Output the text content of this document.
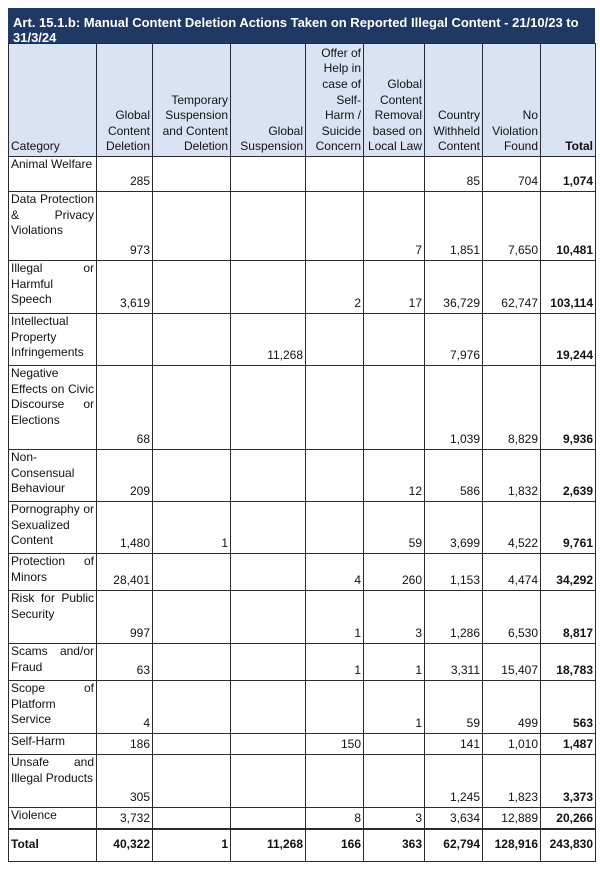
Art. 15.1.b: Manual Content Deletion Actions Taken on Reported Illegal Content - 21/10/23 to 31/3/24
Category	Global Content Deletion	Temporary Suspension and Content Deletion	Global Suspension	Offer of Help in case of Self-Harm / Suicide Concern	Global Content Removal based on Local Law	Country Withheld Content	No Violation Found	Total
Animal Welfare	285					85	704	1,074
Data Protection & Privacy Violations	973				7	1,851	7,650	10,481
Illegal or Harmful Speech	3,619			2	17	36,729	62,747	103,114
Intellectual Property Infringements			11,268			7,976		19,244
Negative Effects on Civic Discourse or Elections	68					1,039	8,829	9,936
Non-Consensual Behaviour	209				12	586	1,832	2,639
Pornography or Sexualized Content	1,480	1			59	3,699	4,522	9,761
Protection of Minors	28,401			4	260	1,153	4,474	34,292
Risk for Public Security	997			1	3	1,286	6,530	8,817
Scams and/or Fraud	63			1	1	3,311	15,407	18,783
Scope of Platform Service	4				1	59	499	563
Self-Harm	186			150		141	1,010	1,487
Unsafe and Illegal Products	305					1,245	1,823	3,373
Violence	3,732			8	3	3,634	12,889	20,266
Total	40,322	1	11,268	166	363	62,794	128,916	243,830
